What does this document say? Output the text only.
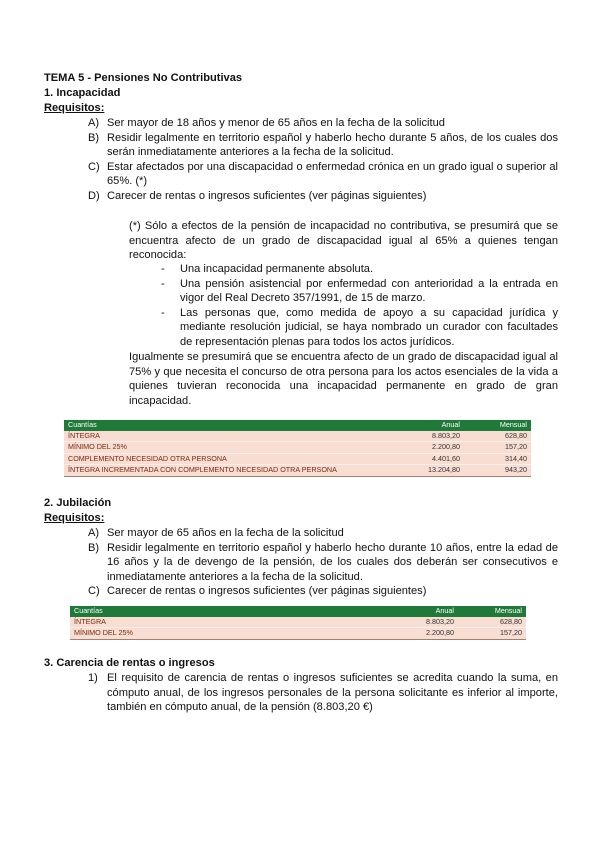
TEMA 5 - Pensiones No Contributivas
1. Incapacidad
Requisitos:
A) Ser mayor de 18 años y menor de 65 años en la fecha de la solicitud
B) Residir legalmente en territorio español y haberlo hecho durante 5 años, de los cuales dos serán inmediatamente anteriores a la fecha de la solicitud.
C) Estar afectados por una discapacidad o enfermedad crónica en un grado igual o superior al 65%. (*)
D) Carecer de rentas o ingresos suficientes (ver páginas siguientes)

(*) Sólo a efectos de la pensión de incapacidad no contributiva, se presumirá que se encuentra afecto de un grado de discapacidad igual al 65% a quienes tengan reconocida:

- Una incapacidad permanente absoluta.
- Una pensión asistencial por enfermedad con anterioridad a la entrada en vigor del Real Decreto 357/1991, de 15 de marzo.
- Las personas que, como medida de apoyo a su capacidad jurídica y mediante resolución judicial, se haya nombrado un curador con facultades de representación plenas para todos los actos jurídicos.

Igualmente se presumirá que se encuentra afecto de un grado de discapacidad igual al 75% y que necesita el concurso de otra persona para los actos esenciales de la vida a quienes tuvieran reconocida una incapacidad permanente en grado de gran incapacidad.

Cuantías	Anual	Mensual
ÍNTEGRA	8.803,20	628,80
MÍNIMO DEL 25%	2.200,80	157,20
COMPLEMENTO NECESIDAD OTRA PERSONA	4.401,60	314,40
ÍNTEGRA INCREMENTADA CON COMPLEMENTO NECESIDAD OTRA PERSONA	13.204,80	943,20
2. Jubilación
Requisitos:
A) Ser mayor de 65 años en la fecha de la solicitud
B) Residir legalmente en territorio español y haberlo hecho durante 10 años, entre la edad de 16 años y la de devengo de la pensión, de los cuales dos deberán ser consecutivos e inmediatamente anteriores a la fecha de la solicitud.
C) Carecer de rentas o ingresos suficientes (ver páginas siguientes)
Cuantías	Anual	Mensual
ÍNTEGRA	8.803,20	628,80
MÍNIMO DEL 25%	2.200,80	157,20
3. Carencia de rentas o ingresos
1) El requisito de carencia de rentas o ingresos suficientes se acredita cuando la suma, en cómputo anual, de los ingresos personales de la persona solicitante es inferior al importe, también en cómputo anual, de la pensión (8.803,20 €)
